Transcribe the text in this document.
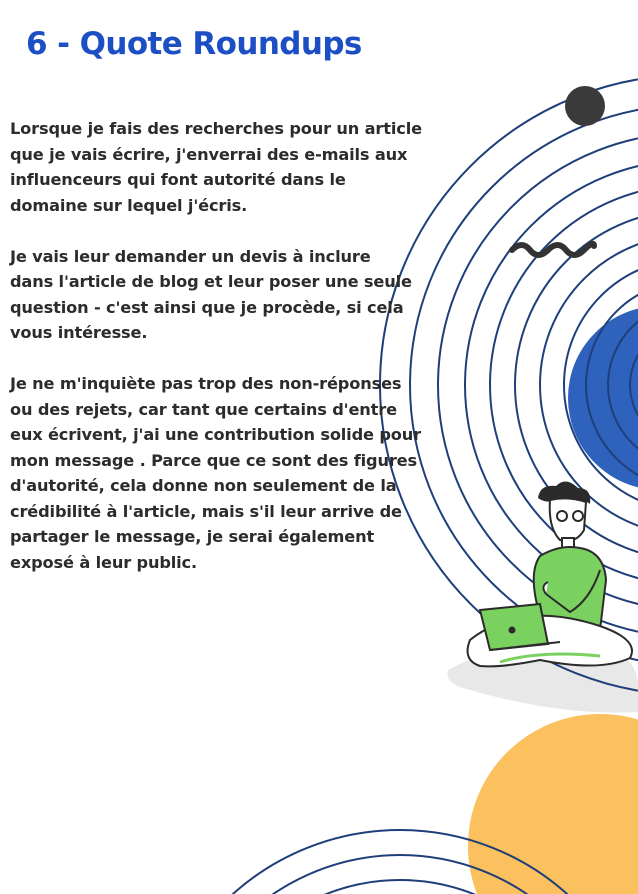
6 - Quote Roundups

Lorsque je fais des recherches pour un article
que je vais écrire, j'enverrai des e-mails aux
influenceurs qui font autorité dans le
domaine sur lequel j'écris.

Je vais leur demander un devis à inclure
dans l'article de blog et leur poser une seule
question - c'est ainsi que je procède, si cela
vous intéresse.

Je ne m'inquiète pas trop des non-réponses
ou des rejets, car tant que certains d'entre
eux écrivent, j'ai une contribution solide pour
mon message . Parce que ce sont des figures
d'autorité, cela donne non seulement de la
crédibilité à l'article, mais s'il leur arrive de
partager le message, je serai également
exposé à leur public.
